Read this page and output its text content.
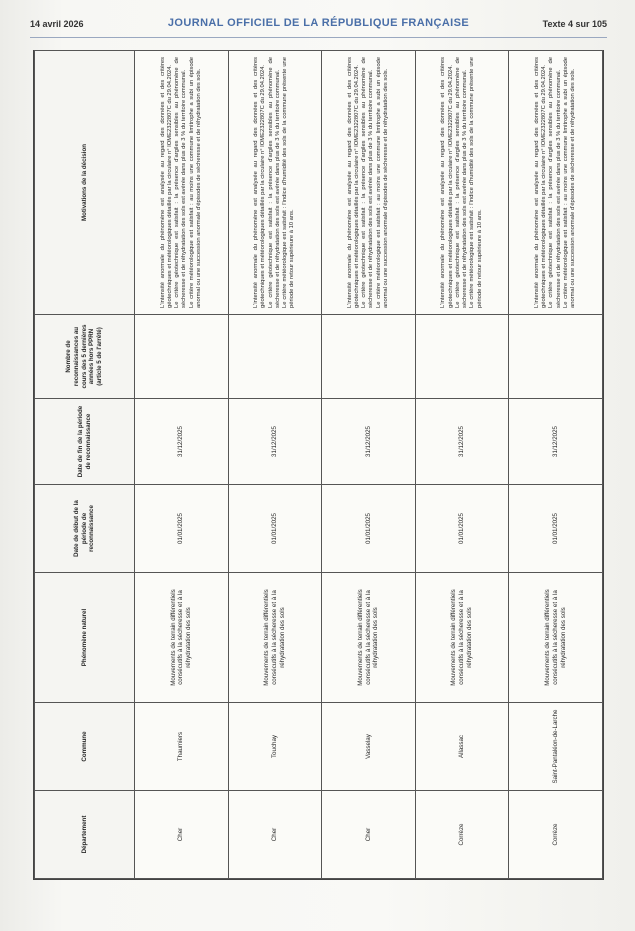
14 avril 2026	JOURNAL OFFICIEL DE LA RÉPUBLIQUE FRANÇAISE	Texte 4 sur 105
Département	Commune	Phénomène naturel	Date de début de la période de reconnaissance	Date de fin de la période de reconnaissance	Nombre de reconnaissances au cours des 5 dernières années hors PPRN (article 5 de l'arrêté)	Motivations de la décision
Cher	Thaumiers	Mouvements de terrain différentiels consécutifs à la sécheresse et à la réhydratation des sols	01/01/2025	31/12/2025		L'intensité anormale du phénomène est analysée au regard des données et des critères géotechniques et météorologiques détaillés par la circulaire n° IOME2322807C du 29.04.2024. Le critère géotechnique est satisfait : la présence d'argiles sensibles au phénomène de sécheresse et de réhydratation des sols est avérée dans plus de 3 % du territoire communal. Le critère météorologique est satisfait : au moins une commune limitrophe a subi un épisode anormal ou une succession anormale d'épisodes de sécheresse et de réhydratation des sols.

Cher	Touchay	Mouvements de terrain différentiels consécutifs à la sécheresse et à la réhydratation des sols	01/01/2025	31/12/2025		L'intensité anormale du phénomène est analysée au regard des données et des critères géotechniques et météorologiques détaillés par la circulaire n° IOME2322807C du 29.04.2024. Le critère géotechnique est satisfait : la présence d'argiles sensibles au phénomène de sécheresse et de réhydratation des sols est avérée dans plus de 3 % du territoire communal. Le critère météorologique est satisfait : l'indice d'humidité des sols de la commune présente une période de retour supérieure à 10 ans.

Cher	Vasselay	Mouvements de terrain différentiels consécutifs à la sécheresse et à la réhydratation des sols	01/01/2025	31/12/2025		L'intensité anormale du phénomène est analysée au regard des données et des critères géotechniques et météorologiques détaillés par la circulaire n° IOME2322807C du 29.04.2024. Le critère géotechnique est satisfait : la présence d'argiles sensibles au phénomène de sécheresse et de réhydratation des sols est avérée dans plus de 3 % du territoire communal. Le critère météorologique est satisfait : au moins une commune limitrophe a subi un épisode anormal ou une succession anormale d'épisodes de sécheresse et de réhydratation des sols.

Corrèze	Allassac	Mouvements de terrain différentiels consécutifs à la sécheresse et à la réhydratation des sols	01/01/2025	31/12/2025		L'intensité anormale du phénomène est analysée au regard des données et des critères géotechniques et météorologiques détaillés par la circulaire n° IOME2322807C du 29.04.2024. Le critère géotechnique est satisfait : la présence d'argiles sensibles au phénomène de sécheresse et de réhydratation des sols est avérée dans plus de 3 % du territoire communal. Le critère météorologique est satisfait : l'indice d'humidité des sols de la commune présente une période de retour supérieure à 10 ans.

Corrèze	Saint-Pantaléon-de-Larche	Mouvements de terrain différentiels consécutifs à la sécheresse et à la réhydratation des sols	01/01/2025	31/12/2025		L'intensité anormale du phénomène est analysée au regard des données et des critères géotechniques et météorologiques détaillés par la circulaire n° IOME2322807C du 29.04.2024. Le critère géotechnique est satisfait : la présence d'argiles sensibles au phénomène de sécheresse et de réhydratation des sols est avérée dans plus de 3 % du territoire communal. Le critère météorologique est satisfait : au moins une commune limitrophe a subi un épisode anormal ou une succession anormale d'épisodes de sécheresse et de réhydratation des sols.
